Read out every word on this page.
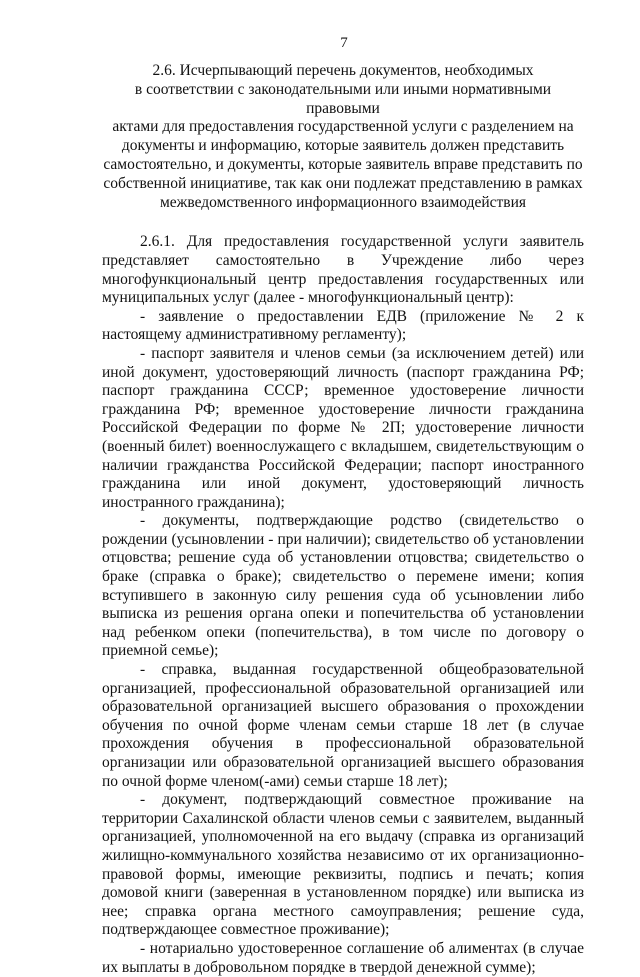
7
2.6. Исчерпывающий перечень документов, необходимых
в соответствии с законодательными или иными нормативными правовыми
актами для предоставления государственной услуги с разделением на
документы и информацию, которые заявитель должен представить
самостоятельно, и документы, которые заявитель вправе представить по
собственной инициативе, так как они подлежат представлению в рамках
межведомственного информационного взаимодействия

2.6.1. Для предоставления государственной услуги заявитель представляет самостоятельно в Учреждение либо через многофункциональный центр предоставления государственных или муниципальных услуг (далее - многофункциональный центр):

- заявление о предоставлении ЕДВ (приложение № 2 к настоящему административному регламенту);

- паспорт заявителя и членов семьи (за исключением детей) или иной документ, удостоверяющий личность (паспорт гражданина РФ; паспорт гражданина СССР; временное удостоверение личности гражданина РФ; временное удостоверение личности гражданина Российской Федерации по форме № 2П; удостоверение личности (военный билет) военнослужащего с вкладышем, свидетельствующим о наличии гражданства Российской Федерации; паспорт иностранного гражданина или иной документ, удостоверяющий личность иностранного гражданина);

- документы, подтверждающие родство (свидетельство о рождении (усыновлении - при наличии); свидетельство об установлении отцовства; решение суда об установлении отцовства; свидетельство о браке (справка о браке); свидетельство о перемене имени; копия вступившего в законную силу решения суда об усыновлении либо выписка из решения органа опеки и попечительства об установлении над ребенком опеки (попечительства), в том числе по договору о приемной семье);

- справка, выданная государственной общеобразовательной организацией, профессиональной образовательной организацией или образовательной организацией высшего образования о прохождении обучения по очной форме членам семьи старше 18 лет (в случае прохождения обучения в профессиональной образовательной организации или образовательной организацией высшего образования по очной форме членом(-ами) семьи старше 18 лет);

- документ, подтверждающий совместное проживание на территории Сахалинской области членов семьи с заявителем, выданный организацией, уполномоченной на его выдачу (справка из организаций жилищно-коммунального хозяйства независимо от их организационно-правовой формы, имеющие реквизиты, подпись и печать; копия домовой книги (заверенная в установленном порядке) или выписка из нее; справка органа местного самоуправления; решение суда, подтверждающее совместное проживание);

- нотариально удостоверенное соглашение об алиментах (в случае их выплаты в добровольном порядке в твердой денежной сумме);
